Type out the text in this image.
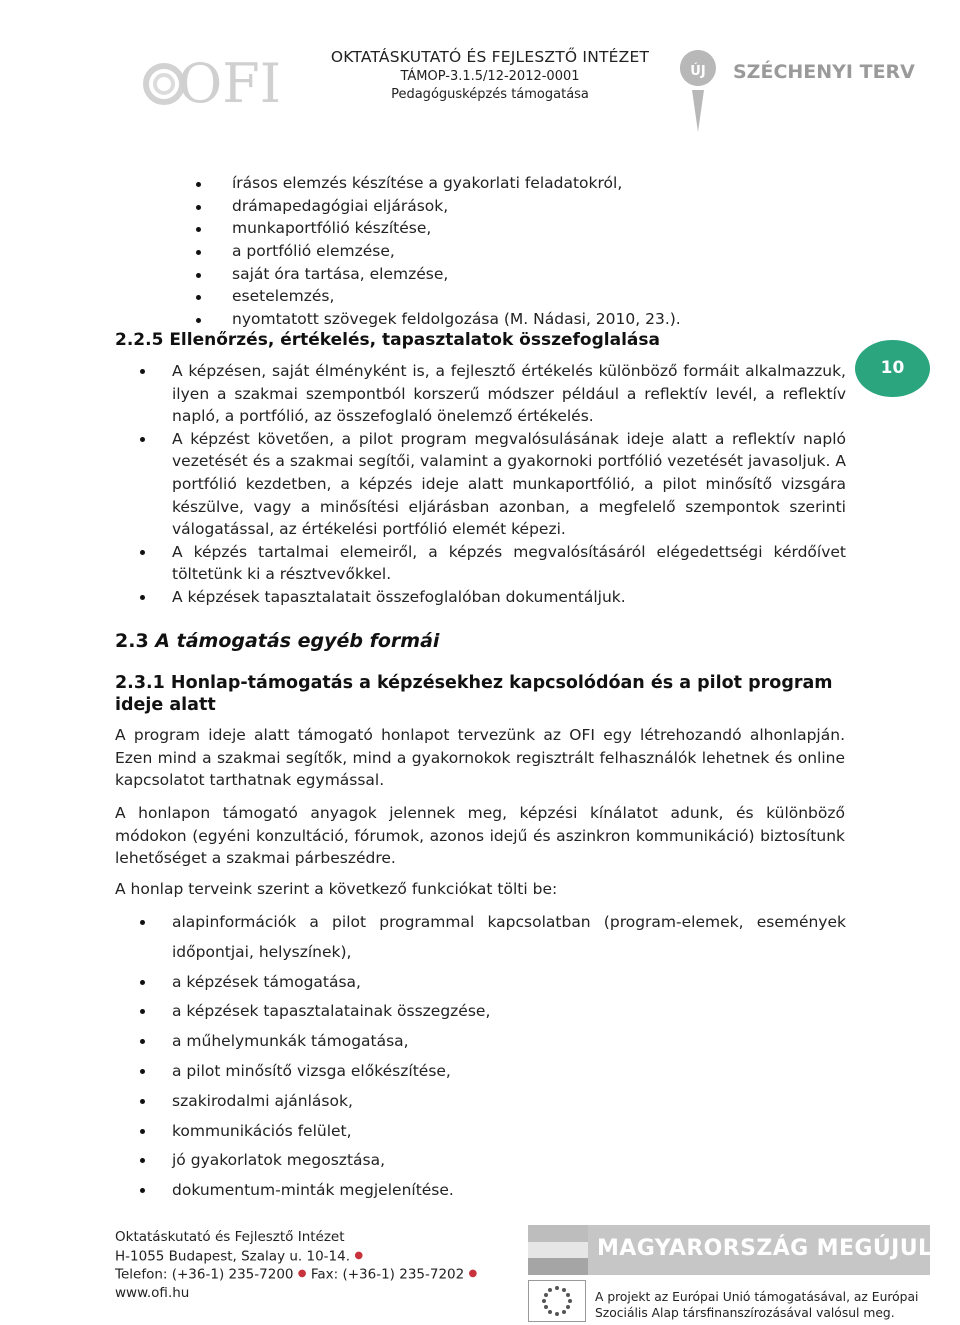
OFI	OKTATÁSKUTATÓ ÉS FEJLESZTŐ INTÉZET
TÁMOP-3.1.5/12-2012-0001
Pedagógusképzés támogatása
ÚJ SZÉCHENYI TERV
írásos elemzés készítése a gyakorlati feladatokról,
drámapedagógiai eljárások,
munkaportfólió készítése,
a portfólió elemzése,
saját óra tartása, elemzése,
esetelemzés,
nyomtatott szövegek feldolgozása (M. Nádasi, 2010, 23.).
2.2.5 Ellenőrzés, értékelés, tapasztalatok összefoglalása
A képzésen, saját élményként is, a fejlesztő értékelés különböző formáit alkalmazzuk, ilyen a szakmai szempontból korszerű módszer például a reflektív levél, a reflektív napló, a portfólió, az összefoglaló önelemző értékelés.
A képzést követően, a pilot program megvalósulásának ideje alatt a reflektív napló vezetését és a szakmai segítői, valamint a gyakornoki portfólió vezetését javasoljuk. A portfólió kezdetben, a képzés ideje alatt munkaportfólió, a pilot minősítő vizsgára készülve, vagy a minősítési eljárásban azonban, a megfelelő szempontok szerinti válogatással, az értékelési portfólió elemét képezi.
A képzés tartalmai elemeiről, a képzés megvalósításáról elégedettségi kérdőívet töltetünk ki a résztvevőkkel.
A képzések tapasztalatait összefoglalóban dokumentáljuk.
10
2.3 A támogatás egyéb formái
2.3.1 Honlap-támogatás a képzésekhez kapcsolódóan és a pilot program ideje alatt

A program ideje alatt támogató honlapot tervezünk az OFI egy létrehozandó alhonlapján. Ezen mind a szakmai segítők, mind a gyakornokok regisztrált felhasználók lehetnek és online kapcsolatot tarthatnak egymással.

A honlapon támogató anyagok jelennek meg, képzési kínálatot adunk, és különböző módokon (egyéni konzultáció, fórumok, azonos idejű és aszinkron kommunikáció) biztosítunk lehetőséget a szakmai párbeszédre.

A honlap terveink szerint a következő funkciókat tölti be:

alapinformációk a pilot programmal kapcsolatban (program-elemek, események időpontjai, helyszínek),
a képzések támogatása,
a képzések tapasztalatainak összegzése,
a műhelymunkák támogatása,
a pilot minősítő vizsga előkészítése,
szakirodalmi ajánlások,
kommunikációs felület,
jó gyakorlatok megosztása,
dokumentum-minták megjelenítése.
Oktatáskutató és Fejlesztő Intézet
H-1055 Budapest, Szalay u. 10-14. ●
Telefon: (+36-1) 235-7200 ● Fax: (+36-1) 235-7202 ●
www.ofi.hu
MAGYARORSZÁG MEGÚJUL
A projekt az Európai Unió támogatásával, az Európai
Szociális Alap társfinanszírozásával valósul meg.
